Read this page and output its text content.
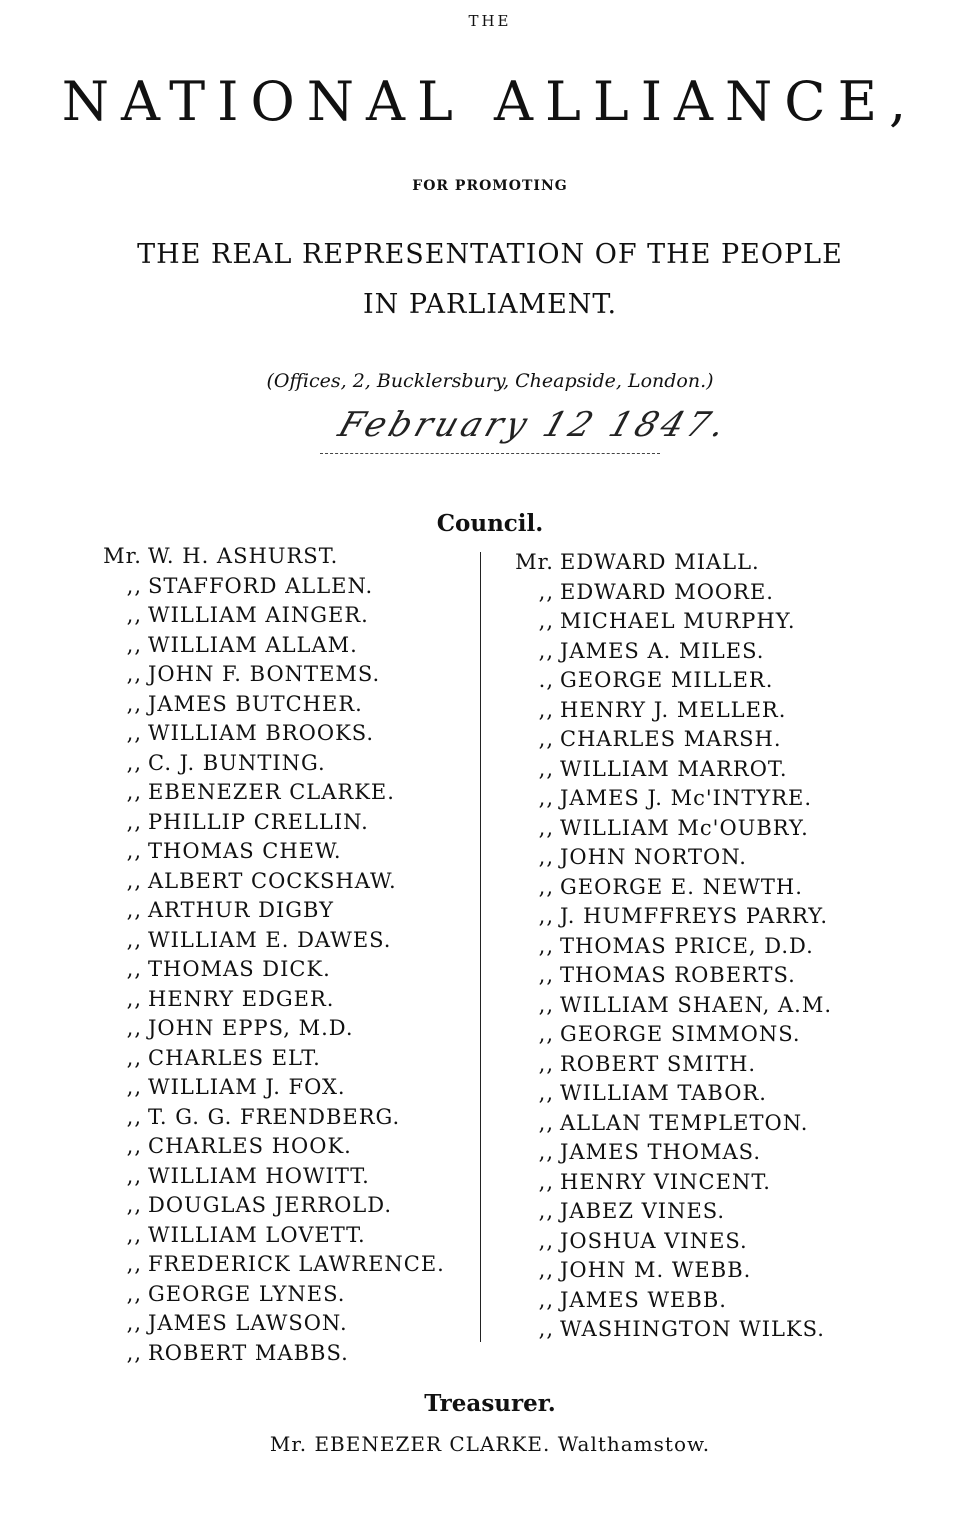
THE
NATIONAL ALLIANCE,
FOR PROMOTING
THE REAL REPRESENTATION OF THE PEOPLE
IN PARLIAMENT.
(Offices, 2, Bucklersbury, Cheapside, London.)
February 12 1847.
Council.
Mr. W. H. ASHURST.
,, STAFFORD ALLEN.
,, WILLIAM AINGER.
,, WILLIAM ALLAM.
,, JOHN F. BONTEMS.
,, JAMES BUTCHER.
,, WILLIAM BROOKS.
,, C. J. BUNTING.
,, EBENEZER CLARKE.
,, PHILLIP CRELLIN.
,, THOMAS CHEW.
,, ALBERT COCKSHAW.
,, ARTHUR DIGBY
,, WILLIAM E. DAWES.
,, THOMAS DICK.
,, HENRY EDGER.
,, JOHN EPPS, M.D.
,, CHARLES ELT.
,, WILLIAM J. FOX.
,, T. G. G. FRENDBERG.
,, CHARLES HOOK.
,, WILLIAM HOWITT.
,, DOUGLAS JERROLD.
,, WILLIAM LOVETT.
,, FREDERICK LAWRENCE.
,, GEORGE LYNES.
,, JAMES LAWSON.
,, ROBERT MABBS.
Mr. EDWARD MIALL.
,, EDWARD MOORE.
,, MICHAEL MURPHY.
,, JAMES A. MILES.
., GEORGE MILLER.
,, HENRY J. MELLER.
,, CHARLES MARSH.
,, WILLIAM MARROT.
,, JAMES J. Mc'INTYRE.
,, WILLIAM Mc'OUBRY.
,, JOHN NORTON.
,, GEORGE E. NEWTH.
,, J. HUMFFREYS PARRY.
,, THOMAS PRICE, D.D.
,, THOMAS ROBERTS.
,, WILLIAM SHAEN, A.M.
,, GEORGE SIMMONS.
,, ROBERT SMITH.
,, WILLIAM TABOR.
,, ALLAN TEMPLETON.
,, JAMES THOMAS.
,, HENRY VINCENT.
,, JABEZ VINES.
,, JOSHUA VINES.
,, JOHN M. WEBB.
,, JAMES WEBB.
,, WASHINGTON WILKS.
Treasurer.
Mr. EBENEZER CLARKE. Walthamstow.
